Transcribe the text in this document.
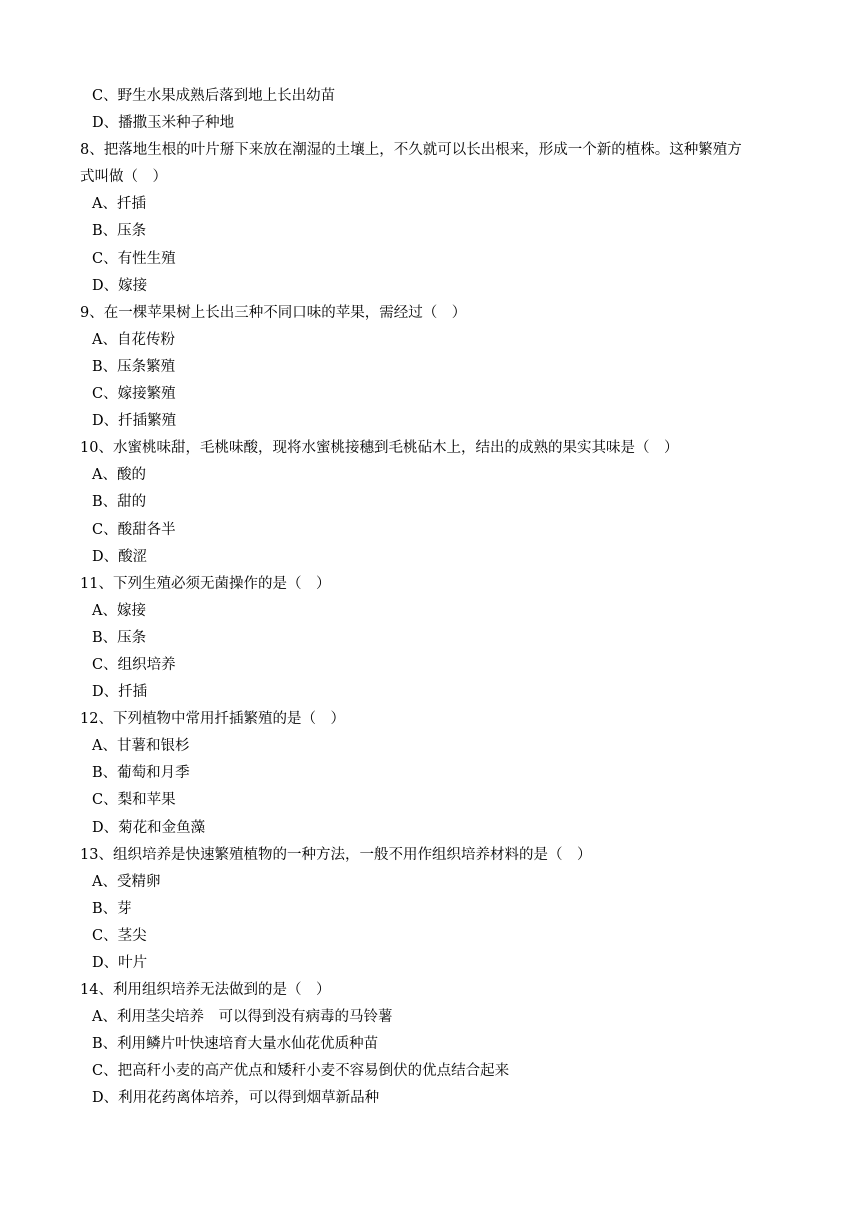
C、野生水果成熟后落到地上长出幼苗
D、播撒玉米种子种地
8、把落地生根的叶片掰下来放在潮湿的土壤上，不久就可以长出根来，形成一个新的植株。这种繁殖方
式叫做（　）
A、扦插
B、压条
C、有性生殖
D、嫁接
9、在一棵苹果树上长出三种不同口味的苹果，需经过（　）
A、自花传粉
B、压条繁殖
C、嫁接繁殖
D、扦插繁殖
10、水蜜桃味甜，毛桃味酸，现将水蜜桃接穗到毛桃砧木上，结出的成熟的果实其味是（　）
A、酸的
B、甜的
C、酸甜各半
D、酸涩
11、下列生殖必须无菌操作的是（　）
A、嫁接
B、压条
C、组织培养
D、扦插
12、下列植物中常用扦插繁殖的是（　）
A、甘薯和银杉
B、葡萄和月季
C、梨和苹果
D、菊花和金鱼藻
13、组织培养是快速繁殖植物的一种方法，一般不用作组织培养材料的是（　）
A、受精卵
B、芽
C、茎尖
D、叶片
14、利用组织培养无法做到的是（　）
A、利用茎尖培养　可以得到没有病毒的马铃薯
B、利用鳞片叶快速培育大量水仙花优质种苗
C、把高秆小麦的高产优点和矮秆小麦不容易倒伏的优点结合起来
D、利用花药离体培养，可以得到烟草新品种
